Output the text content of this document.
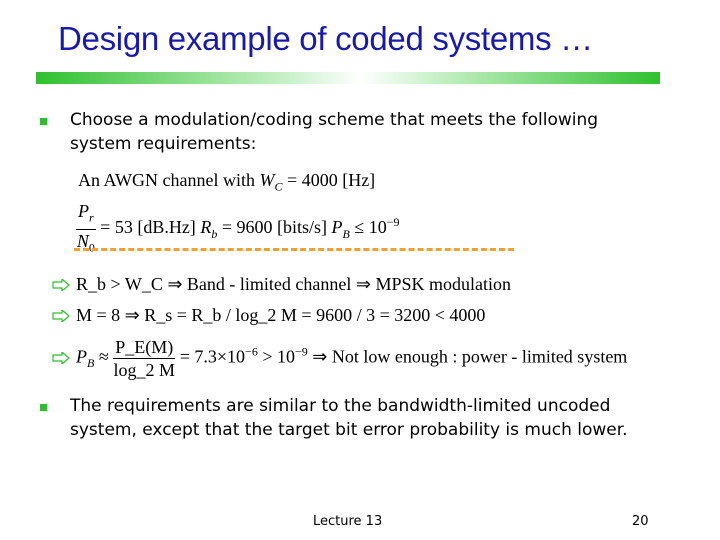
Design example of coded systems …
Choose a modulation/coding scheme that meets the following
system requirements:
An AWGN channel with $W_C = 4000$ [Hz]
$\frac{P_r}{N_0} = 53$ [dB.Hz] $R_b = 9600$ [bits/s] $P_B \le 10^{-9}$
R_b > W_C ⇒ Band - limited channel ⇒ MPSK modulation
M = 8 ⇒ R_s = R_b / log_2 M = 9600 / 3 = 3200 < 4000
$P_B \approx \frac{P\_E(M)}{\log\_2 M} = 7.3\times 10^{-6} > 10^{-9}$ ⇒ Not low enough : power - limited system
The requirements are similar to the bandwidth-limited uncoded
system, except that the target bit error probability is much lower.
Lecture 13	20
